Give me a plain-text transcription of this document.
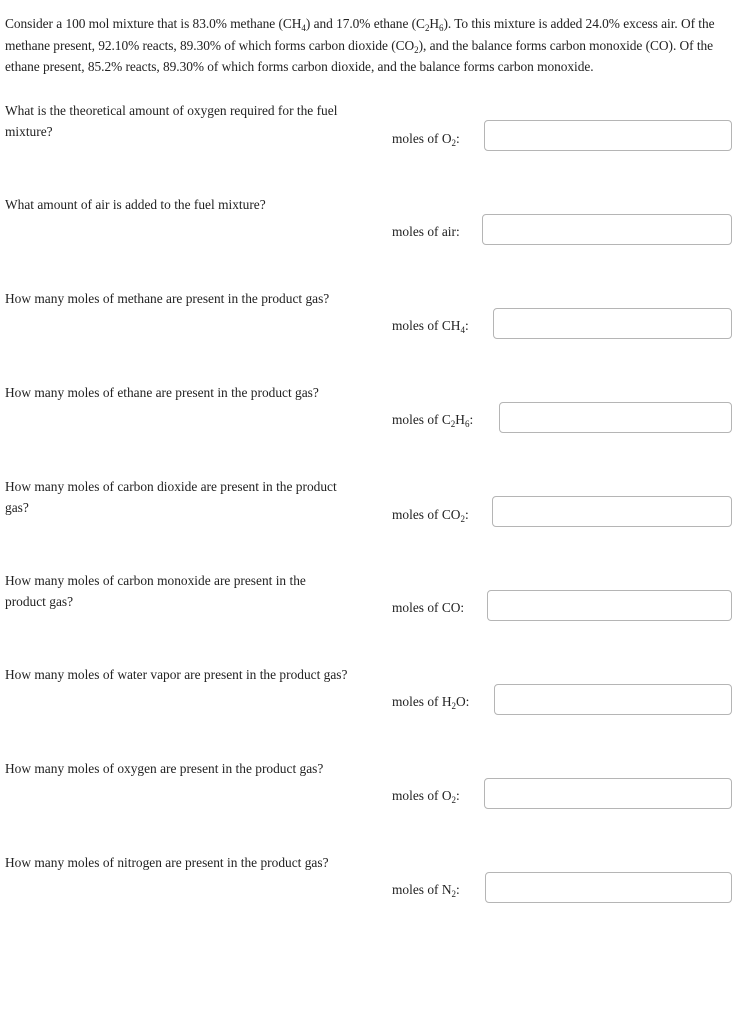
Consider a 100 mol mixture that is 83.0% methane $(CH_4)$ and 17.0% ethane $(C_2H_6)$. To this mixture is added 24.0% excess air. Of the methane present, 92.10% reacts, 89.30% of which forms carbon dioxide $(CO_2)$, and the balance forms carbon monoxide (CO). Of the ethane present, 85.2% reacts, 89.30% of which forms carbon dioxide, and the balance forms carbon monoxide.
What is the theoretical amount of oxygen required for the fuel mixture?	moles of $O_2$:
What amount of air is added to the fuel mixture?
moles of air:
How many moles of methane are present in the product gas?
moles of $CH_4$:
How many moles of ethane are present in the product gas?
moles of $C_2H_6$:
How many moles of carbon dioxide are present in the product gas?	moles of $CO_2$:
How many moles of carbon monoxide are present in the product gas?	moles of CO:
How many moles of water vapor are present in the product gas?
moles of $H_2O$:
How many moles of oxygen are present in the product gas?
moles of $O_2$:
How many moles of nitrogen are present in the product gas?
moles of $N_2$:
